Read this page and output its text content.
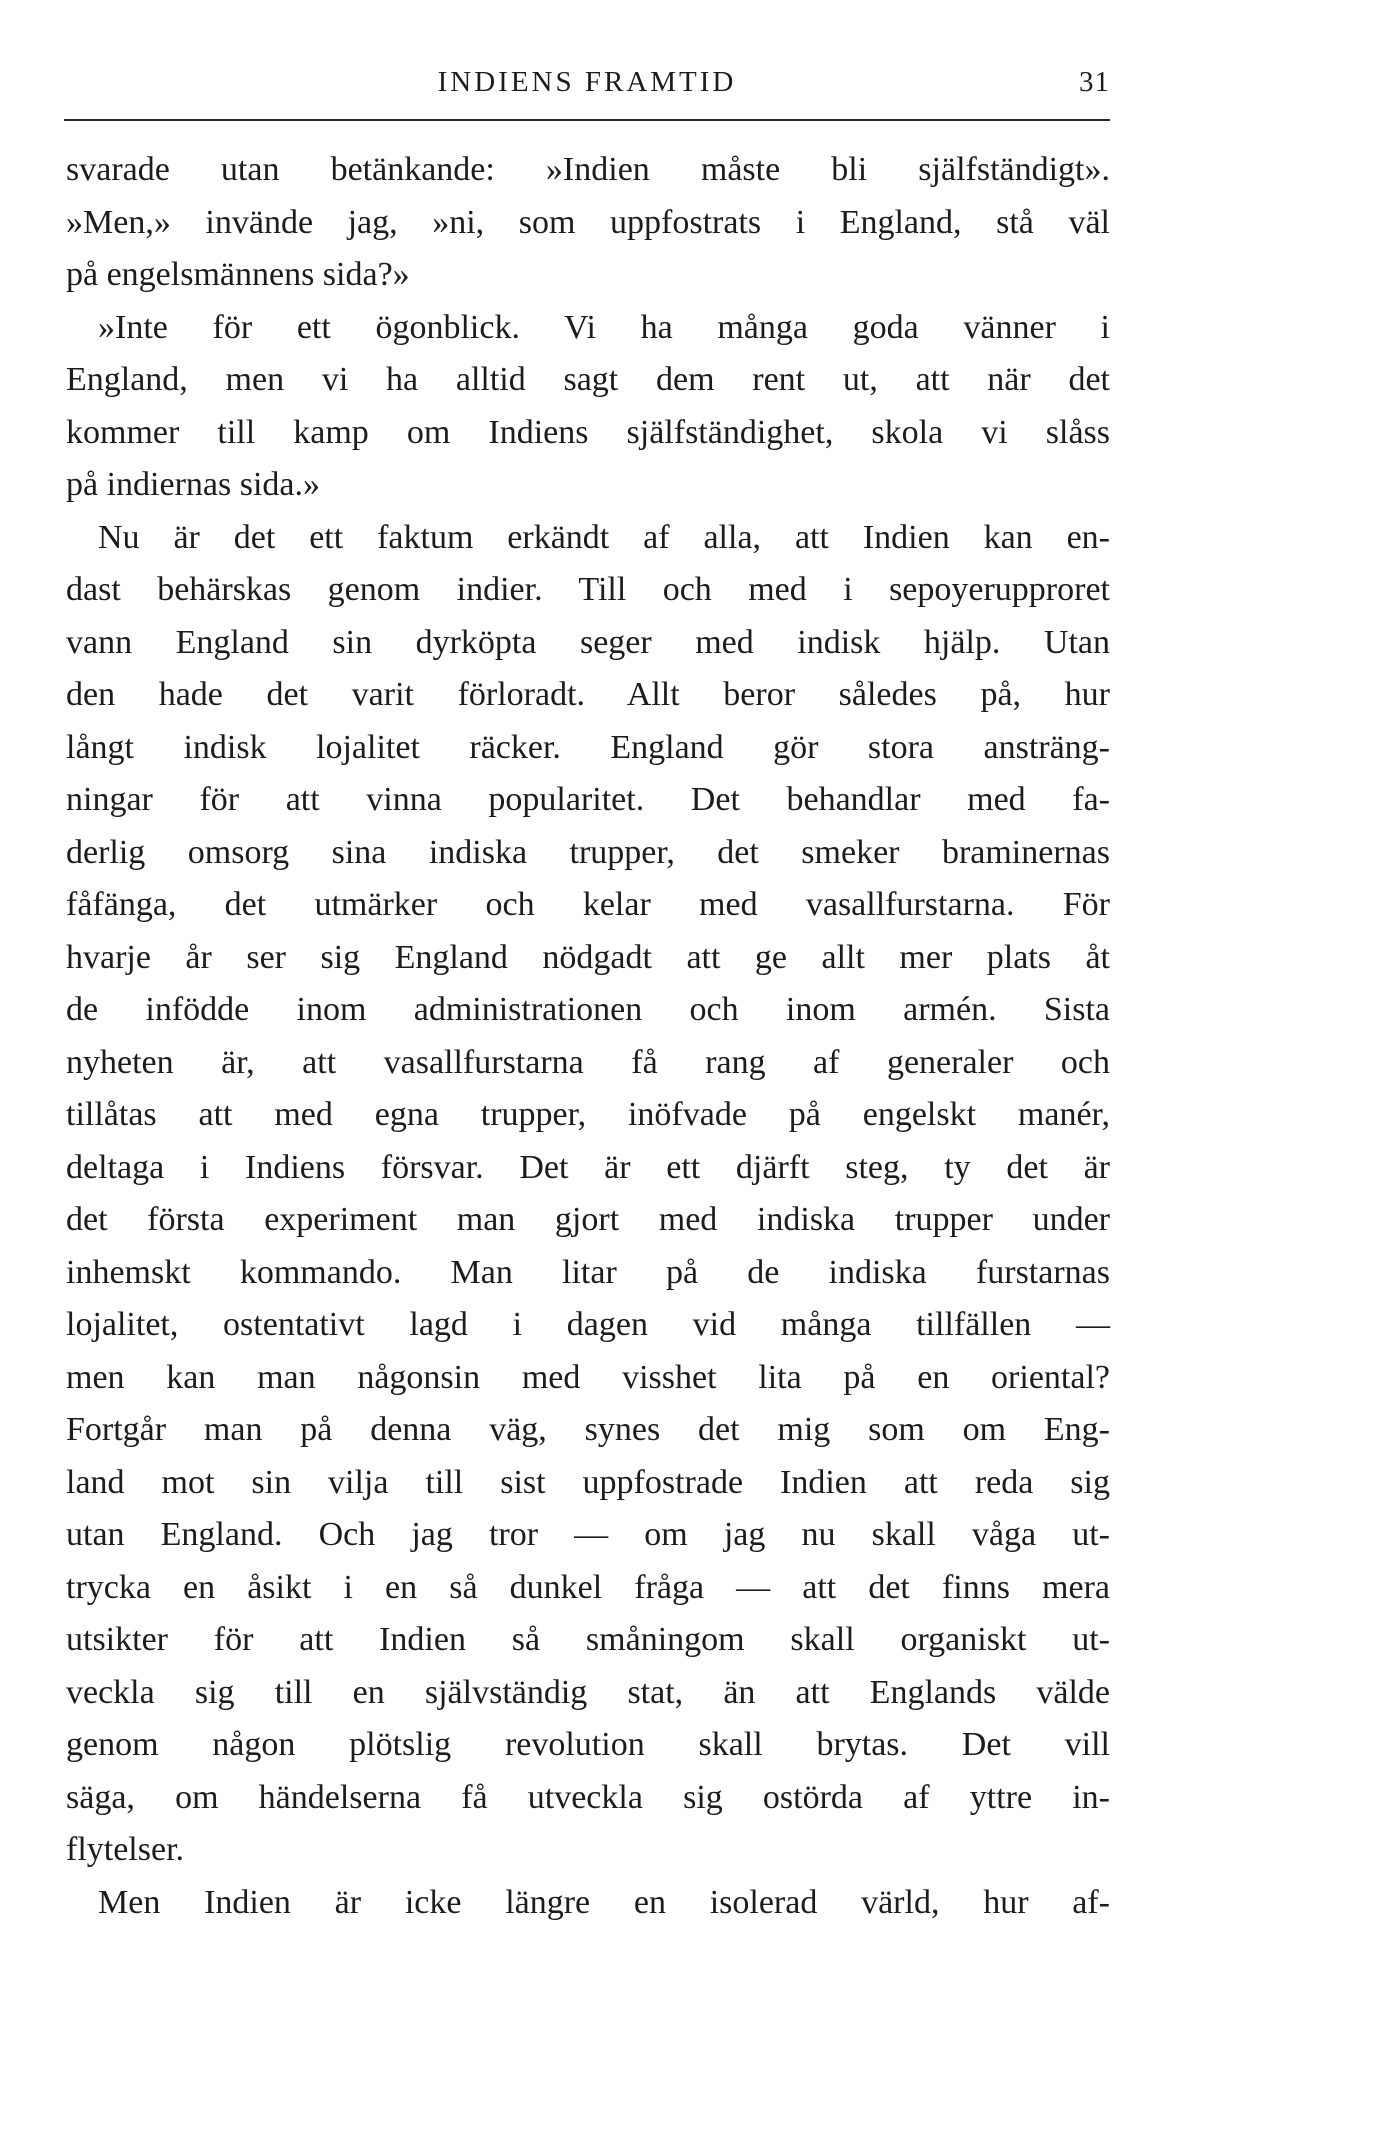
INDIENS FRAMTID	31
svarade utan betänkande: »Indien måste bli själfständigt».
»Men,» invände jag, »ni, som uppfostrats i England, stå väl
på engelsmännens sida?»
»Inte för ett ögonblick. Vi ha många goda vänner i
England, men vi ha alltid sagt dem rent ut, att när det
kommer till kamp om Indiens själfständighet, skola vi slåss
på indiernas sida.»
Nu är det ett faktum erkändt af alla, att Indien kan en-
dast behärskas genom indier. Till och med i sepoyerupproret
vann England sin dyrköpta seger med indisk hjälp. Utan
den hade det varit förloradt. Allt beror således på, hur
långt indisk lojalitet räcker. England gör stora ansträng-
ningar för att vinna popularitet. Det behandlar med fa-
derlig omsorg sina indiska trupper, det smeker braminernas
fåfänga, det utmärker och kelar med vasallfurstarna. För
hvarje år ser sig England nödgadt att ge allt mer plats åt
de infödde inom administrationen och inom armén. Sista
nyheten är, att vasallfurstarna få rang af generaler och
tillåtas att med egna trupper, inöfvade på engelskt manér,
deltaga i Indiens försvar. Det är ett djärft steg, ty det är
det första experiment man gjort med indiska trupper under
inhemskt kommando. Man litar på de indiska furstarnas
lojalitet, ostentativt lagd i dagen vid många tillfällen —
men kan man någonsin med visshet lita på en oriental?
Fortgår man på denna väg, synes det mig som om Eng-
land mot sin vilja till sist uppfostrade Indien att reda sig
utan England. Och jag tror — om jag nu skall våga ut-
trycka en åsikt i en så dunkel fråga — att det finns mera
utsikter för att Indien så småningom skall organiskt ut-
veckla sig till en självständig stat, än att Englands välde
genom någon plötslig revolution skall brytas. Det vill
säga, om händelserna få utveckla sig ostörda af yttre in-
flytelser.
Men Indien är icke längre en isolerad värld, hur af-
